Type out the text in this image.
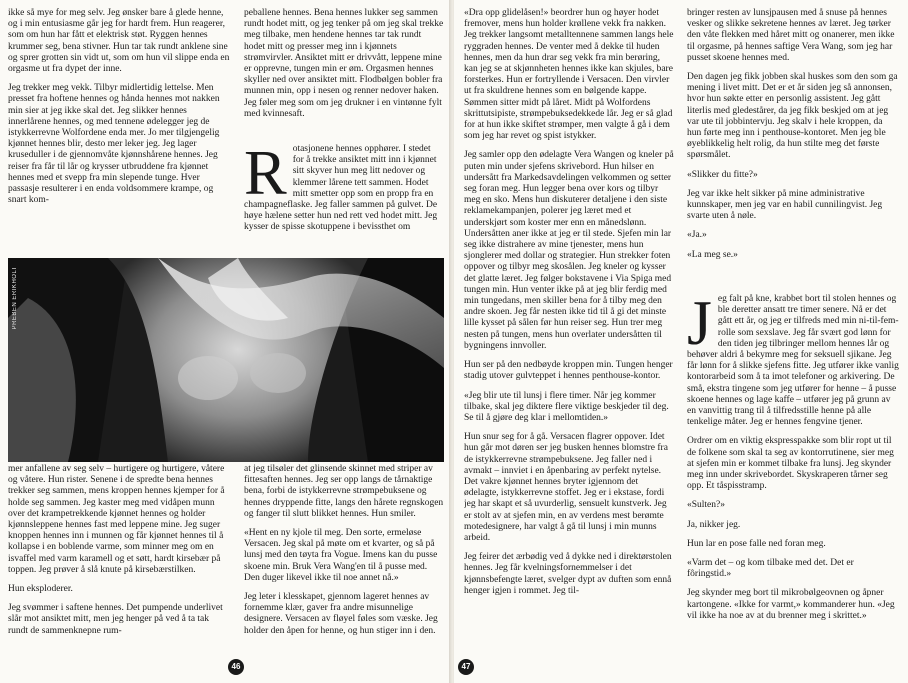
ikke så mye for meg selv. Jeg ønsker bare å glede henne, og i min entusiasme går jeg for hardt frem. Hun reagerer, som om hun har fått et elektrisk støt. Ryggen hennes krummer seg, bena stivner. Hun tar tak rundt anklene sine og sprer grotten sin vidt ut, som om hun vil slippe enda en orgasme ut fra dypet der inne.

Jeg trekker meg vekk. Tilbyr midlertidig lettelse. Men presset fra hoftene hennes og hånda hennes mot nakken min sier at jeg ikke skal det. Jeg slikker hennes innerlårene hennes, og med tennene ødelegger jeg de istykkerrevne Wolfordene enda mer. Jo mer tilgjengelig kjønnet hennes blir, desto mer leker jeg. Jeg lager kruseduller i de gjennomvåte kjønnshårene hennes. Jeg reiser fra får til lår og krysser utbruddene fra kjønnet hennes med et svepp fra min slepende tunge. Hver passasje resulterer i en enda voldsommere krampe, og snart kom-

peballene hennes. Bena hennes lukker seg sammen rundt hodet mitt, og jeg tenker på om jeg skal trekke meg tilbake, men hendene hennes tar tak rundt hodet mitt og presser meg inn i kjønnets strømvirvler. Ansiktet mitt er drivvått, leppene mine er opprevne, tungen min er øm. Orgasmen hennes skyller ned over ansiktet mitt. Flodbølgen bobler fra munnen min, opp i nesen og renner nedover haken. Jeg føler meg som om jeg drukner i en vintønne fylt med kvinnesaft.

R otasjonene hennes opphører. I stedet for å trekke ansiktet mitt inn i kjønnet sitt skyver hun meg litt nedover og klemmer lårene tett sammen. Hodet mitt smetter opp som en propp fra en champagneflaske. Jeg faller sammen på gulvet. De høye hælene setter hun ned rett ved hodet mitt. Jeg kysser de spisse skotuppene i bevissthet om
PREBEN ERIKHOLT

mer anfallene av seg selv – hurtigere og hurtigere, våtere og våtere. Hun rister. Senene i de spredte bena hennes trekker seg sammen, mens kroppen hennes kjemper for å holde seg sammen. Jeg kaster meg med vidåpen munn over det krampetrekkende kjønnet hennes og holder kjønnsleppene hennes fast med leppene mine. Jeg suger knoppen hennes inn i munnen og får kjønnet hennes til å kollapse i en boblende varme, som minner meg om en isvaffel med varm karamell og et søtt, hardt kirsebær på toppen. Jeg prøver å slå knute på kirsebærstilken.

Hun eksploderer.

Jeg svømmer i saftene hennes. Det pumpende underlivet slår mot ansiktet mitt, men jeg henger på ved å ta tak rundt de sammenknepne rum-

at jeg tilsøler det glinsende skinnet med striper av fittesaften hennes. Jeg ser opp langs de tårnaktige bena, forbi de istykkerrevne strømpebuksene og hennes dryppende fitte, langs den hårete regnskogen og fanger til slutt blikket hennes. Hun smiler.

«Hent en ny kjole til meg. Den sorte, ermeløse Versacen. Jeg skal på møte om et kvarter, og så på lunsj med den tøyta fra Vogue. Imens kan du pusse skoene min. Bruk Vera Wang'en til å pusse med. Den duger likevel ikke til noe annet nå.»

Jeg leter i klesskapet, gjennom lageret hennes av fornemme klær, gaver fra andre misunnelige designere. Versacen av fløyel føles som væske. Jeg holder den åpen for henne, og hun stiger inn i den.

46

«Dra opp glidelåsen!» beordrer hun og høyer hodet fremover, mens hun holder krøllene vekk fra nakken. Jeg trekker langsomt metalltennene sammen langs hele ryggraden hennes. De venter med å dekke til huden hennes, men da hun drar seg vekk fra min berøring, kan jeg se at skjønnheten hennes ikke kan skjules, bare forsterkes. Hun er fortryllende i Versacen. Den virvler ut fra skuldrene hennes som en bølgende kappe. Sømmen sitter midt på låret. Midt på Wolfordens skrittutsipiste, strømpebuksedekkede lår. Jeg er så glad for at hun ikke skiftet strømper, men valgte å gå i dem som jeg har revet og spist istykker.

Jeg samler opp den ødelagte Vera Wangen og kneler på puten min under sjefens skrivebord. Hun hilser en undersått fra Markedsavdelingen velkommen og setter seg foran meg. Hun legger bena over kors og tilbyr meg en sko. Mens hun diskuterer detaljene i den siste reklamekampanjen, polerer jeg læret med et underskjørt som koster mer enn en månedslønn. Undersåtten aner ikke at jeg er til stede. Sjefen min lar seg ikke distrahere av mine tjenester, mens hun sjonglerer med dollar og strategier. Hun strekker foten oppover og tilbyr meg skosålen. Jeg kneler og kysser det glatte læret. Jeg følger bokstavene i Via Spiga med tungen min. Hun venter ikke på at jeg blir ferdig med min tungedans, men skiller bena for å tilby meg den andre skoen. Jeg får nesten ikke tid til å gi det minste lille kysset på sålen før hun reiser seg. Hun trer meg nesten på tungen, mens hun overlater undersåtten til bygningens innvoller.

Hun ser på den nedbøyde kroppen min. Tungen henger stadig utover gulvteppet i hennes penthouse-kontor.

«Jeg blir ute til lunsj i flere timer. Når jeg kommer tilbake, skal jeg diktere flere viktige beskjeder til deg. Se til å gjøre deg klar i mellomtiden.»

Hun snur seg for å gå. Versacen flagrer oppover. Idet hun går mot døren ser jeg busken hennes blomstre fra de istykkerrevne strømpebuksene. Jeg faller ned i avmakt – innviet i en åpenbaring av perfekt nytelse. Det vakre kjønnet hennes bryter igjennom det ødelagte, istykkerrevne stoffet. Jeg er i ekstase, fordi jeg har skapt et så uvurderlig, sensuelt kunstverk. Jeg er stolt av at sjefen min, en av verdens mest berømte motedesignere, har valgt å gå til lunsj i min munns arbeid.

Jeg feirer det ærbødig ved å dykke ned i direktørstolen hennes. Jeg får kvelningsfornemmelser i det kjønnsbefengte læret, svelger dypt av duften som ennå henger igjen i rommet. Jeg til-

bringer resten av lunsjpausen med å snuse på hennes vesker og slikke sekretene hennes av læret. Jeg tørker den våte flekken med håret mitt og onanerer, men ikke til orgasme, på hennes saftige Vera Wang, som jeg har pusset skoene hennes med.

Den dagen jeg fikk jobben skal huskes som den som ga mening i livet mitt. Det er et år siden jeg så annonsen, hvor hun søkte etter en personlig assistent. Jeg gått literlis med gledestårer, da jeg fikk beskjed om at jeg var ute til jobbintervju. Jeg skalv i hele kroppen, da hun førte meg inn i penthouse-kontoret. Men jeg ble øyeblikkelig helt rolig, da hun stilte meg det første spørsmålet.

«Slikker du fitte?»

Jeg var ikke helt sikker på mine administrative kunnskaper, men jeg var en habil cunnilingvist. Jeg svarte uten å nøle.

«Ja.»

«La meg se.»

J eg falt på kne, krabbet bort til stolen hennes og ble deretter ansatt tre timer senere. Nå er det gått ett år, og jeg er tilfreds med min ni-til-fem-rolle som sexslave. Jeg får svært god lønn for den tiden jeg tilbringer mellom hennes lår og behøver aldri å bekymre meg for seksuell sjikane. Jeg får lønn for å slikke sjefens fitte. Jeg utfører ikke vanlig kontorarbeid som å ta imot telefoner og arkivering. De små, ekstra tingene som jeg utfører for henne – å pusse skoene hennes og lage kaffe – utfører jeg på grunn av en vanvittig trang til å tilfredsstille henne på alle tenkelige måter. Jeg er hennes fengvine tjener.

Ordrer om en viktig ekspresspakke som blir ropt ut til de folkene som skal ta seg av kontorrutinene, sier meg at sjefen min er kommet tilbake fra lunsj. Jeg skynder meg inn under skrivebordet. Skyskraperen tårner seg opp. Et tåspisstramp.

«Sulten?»

Ja, nikker jeg.

Hun lar en pose falle ned foran meg.

«Varm det – og kom tilbake med det. Det er fôringstid.»

Jeg skynder meg bort til mikrobølgeovnen og åpner kartongene. «Ikke for varmt,» kommanderer hun. «Jeg vil ikke ha noe av at du brenner meg i skrittet.»

47
